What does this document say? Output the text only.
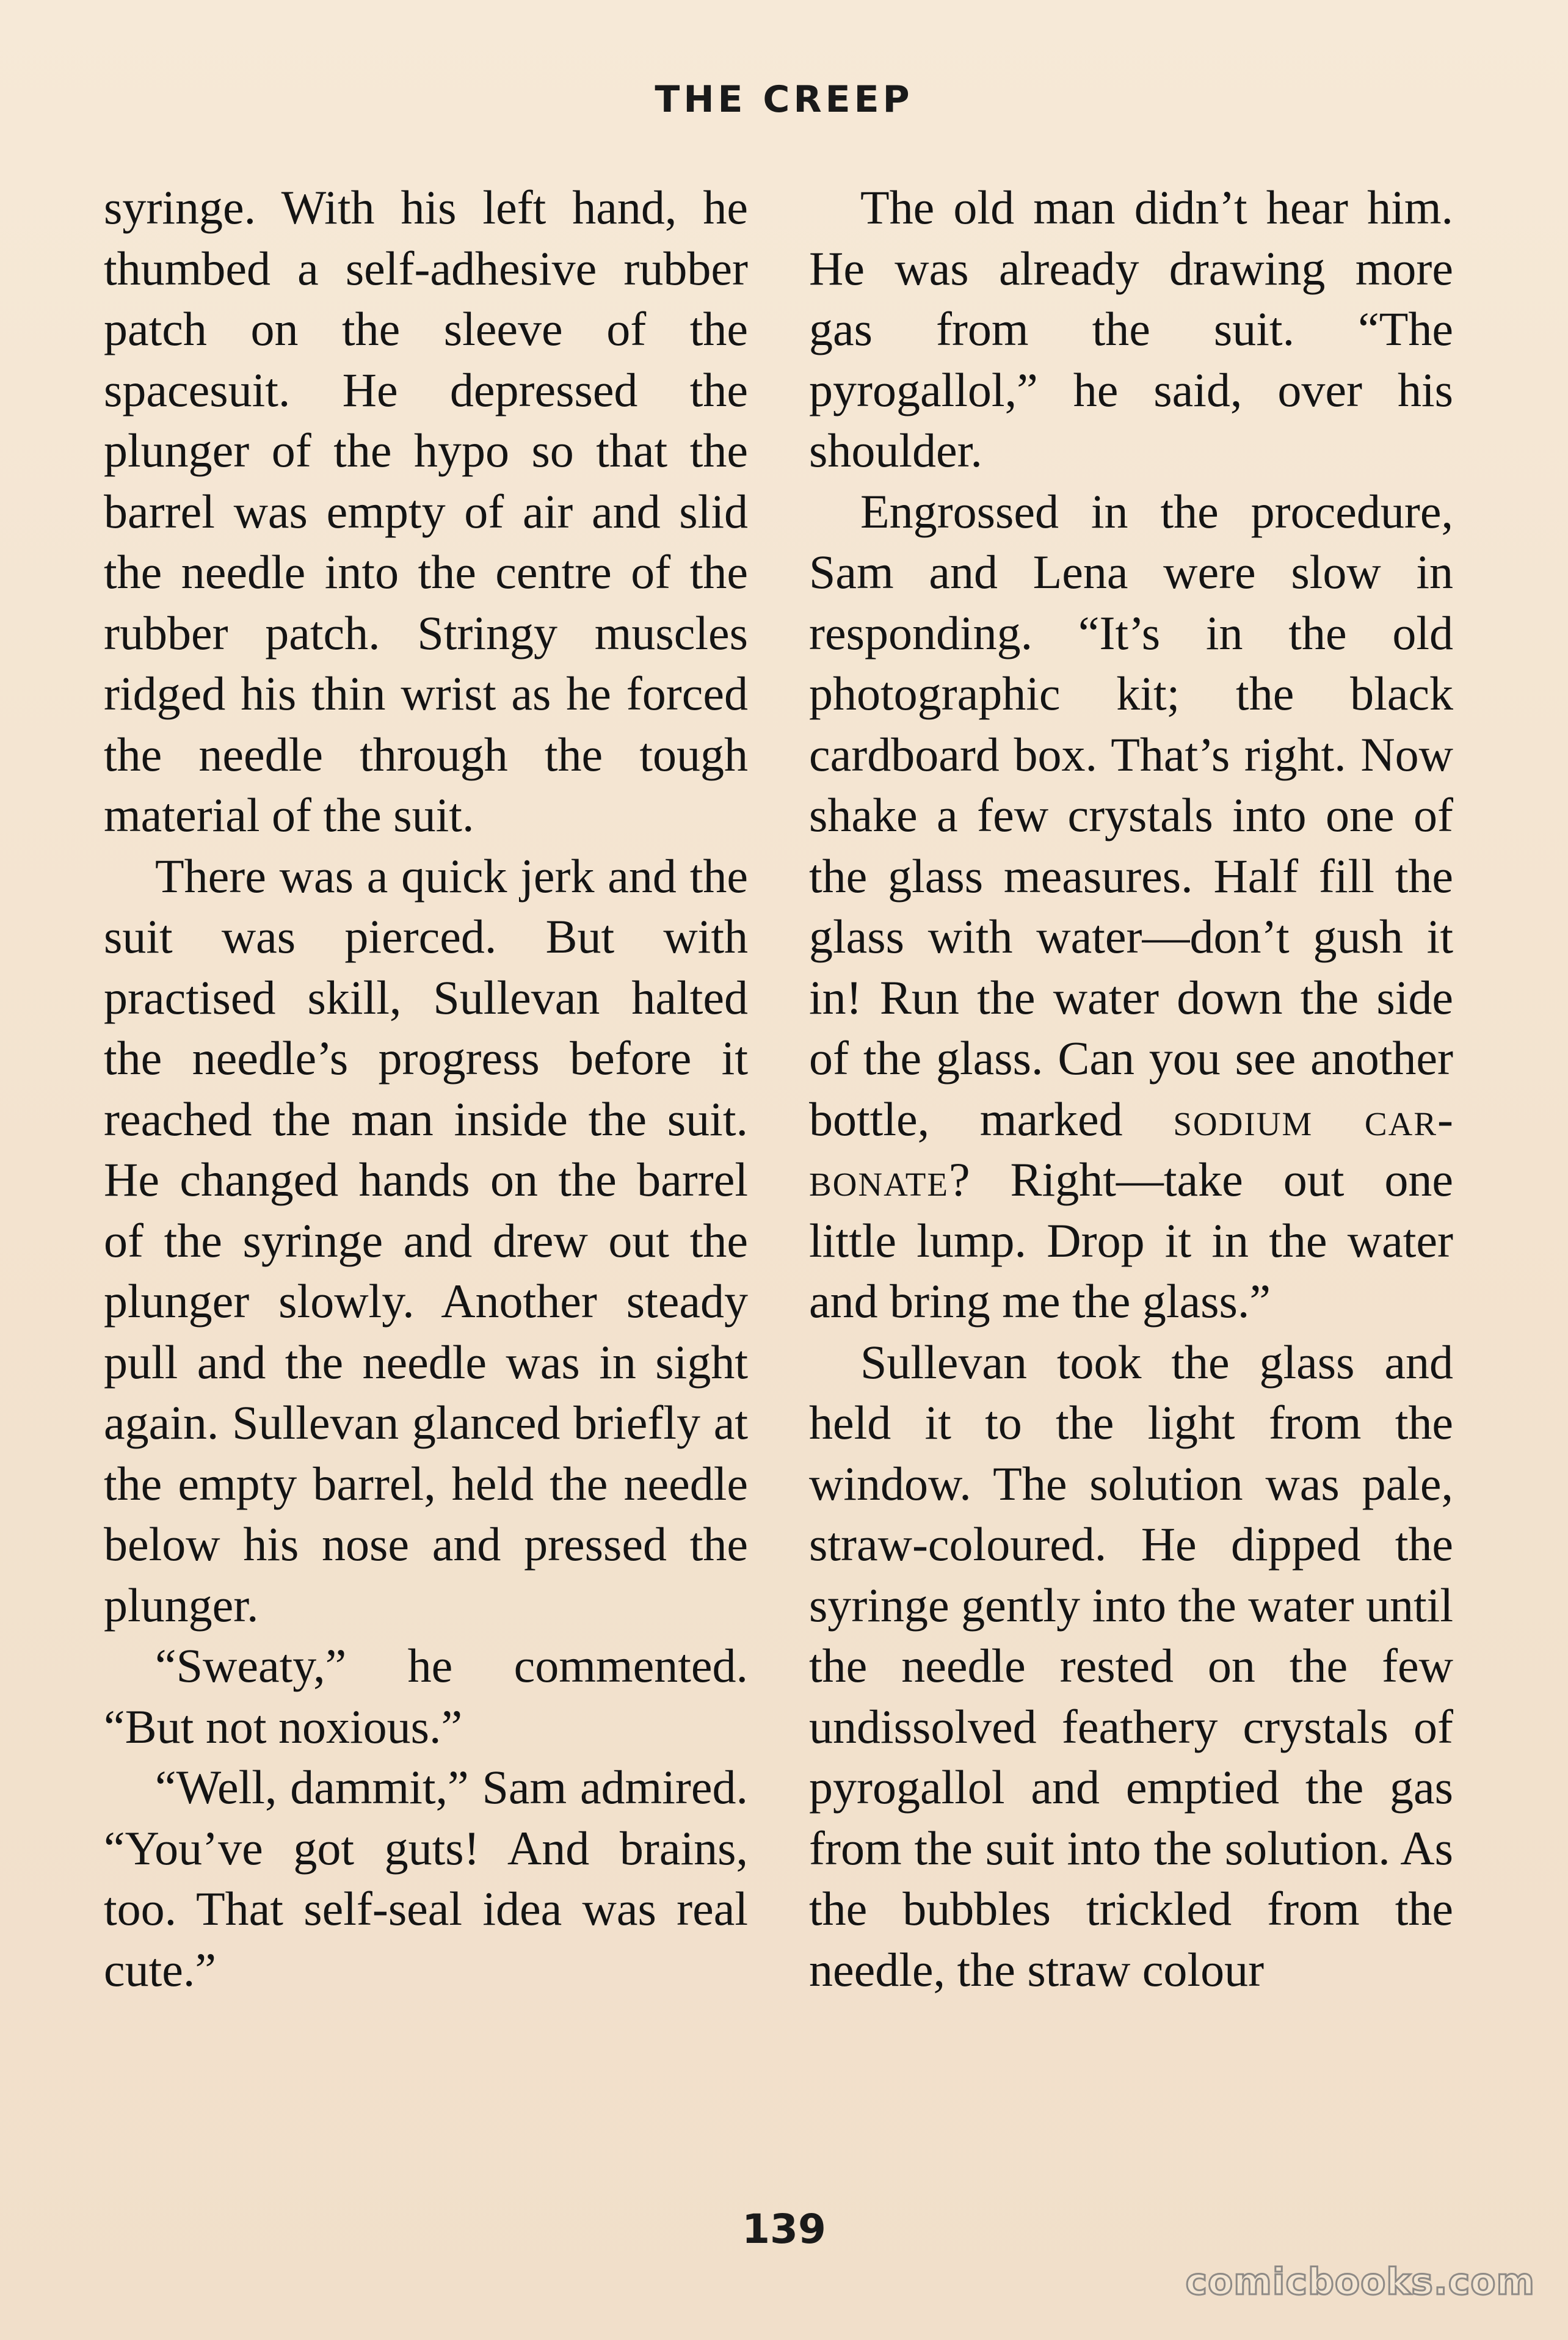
THE CREEP

syringe. With his left hand, he thumbed a self-adhesive rubber patch on the sleeve of the spacesuit. He depressed the plunger of the hypo so that the barrel was empty of air and slid the needle into the centre of the rubber patch. Stringy muscles ridged his thin wrist as he forced the needle through the tough material of the suit.

There was a quick jerk and the suit was pierced. But with practised skill, Sullevan halted the needle’s progress before it reached the man inside the suit. He changed hands on the barrel of the syringe and drew out the plunger slowly. Another steady pull and the needle was in sight again. Sullevan glanced briefly at the empty barrel, held the needle below his nose and pressed the plunger.

“Sweaty,” he commented. “But not noxious.”

“Well, dammit,” Sam admired. “You’ve got guts! And brains, too. That self-seal idea was real cute.”

The old man didn’t hear him. He was already drawing more gas from the suit. “The pyrogallol,” he said, over his shoulder.

Engrossed in the procedure, Sam and Lena were slow in responding. “It’s in the old photographic kit; the black cardboard box. That’s right. Now shake a few crystals into one of the glass measures. Half fill the glass with water—don’t gush it in! Run the water down the side of the glass. Can you see another bottle, marked sodium carbonate? Right—take out one little lump. Drop it in the water and bring me the glass.”

Sullevan took the glass and held it to the light from the window. The solution was pale, straw-coloured. He dipped the syringe gently into the water until the needle rested on the few undissolved feathery crystals of pyrogallol and emptied the gas from the suit into the solution. As the bubbles trickled from the needle, the straw colour

139
comicbooks.com
